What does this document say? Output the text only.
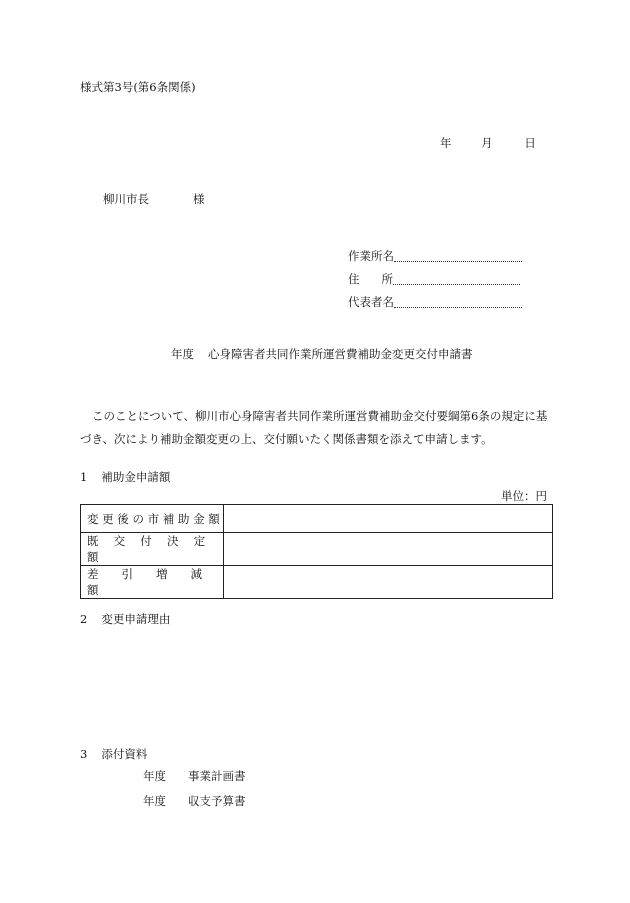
様式第3号(第6条関係)
年	月	日
柳川市長	様
作業所名
住 所
代表者名
年度 心身障害者共同作業所運営費補助金変更交付申請書
このことについて、柳川市心身障害者共同作業所運営費補助金交付要綱第6条の規定に基づき、次により補助金額変更の上、交付願いたく関係書類を添えて申請します。
1 補助金申請額
単位：円
変 更 後 の 市 補 助 金 額	
既　 交　 付　 決　 定　 額	
差　　引　　増　　減　　額	
2 変更申請理由
3 添付資料
年度 事業計画書
年度 収支予算書
